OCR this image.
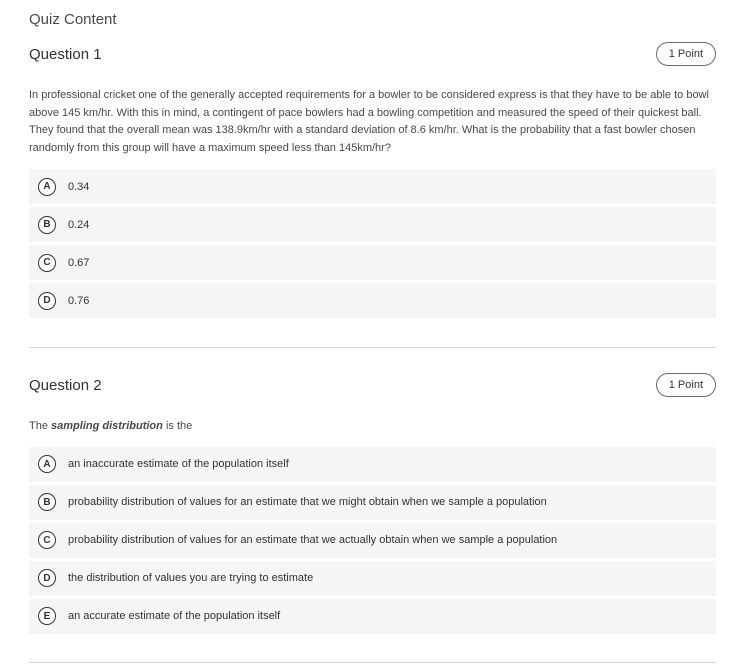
Quiz Content
Question 1	1 Point
In professional cricket one of the generally accepted requirements for a bowler to be considered express is that they have to be able to bowl above 145 km/hr. With this in mind, a contingent of pace bowlers had a bowling competition and measured the speed of their quickest ball. They found that the overall mean was 138.9km/hr with a standard deviation of 8.6 km/hr. What is the probability that a fast bowler chosen randomly from this group will have a maximum speed less than 145km/hr?
A	0.34
B	0.24
C	0.67
D	0.76
Question 2	1 Point
The sampling distribution is the
A	an inaccurate estimate of the population itself
B	probability distribution of values for an estimate that we might obtain when we sample a population
C	probability distribution of values for an estimate that we actually obtain when we sample a population
D	the distribution of values you are trying to estimate
E	an accurate estimate of the population itself
